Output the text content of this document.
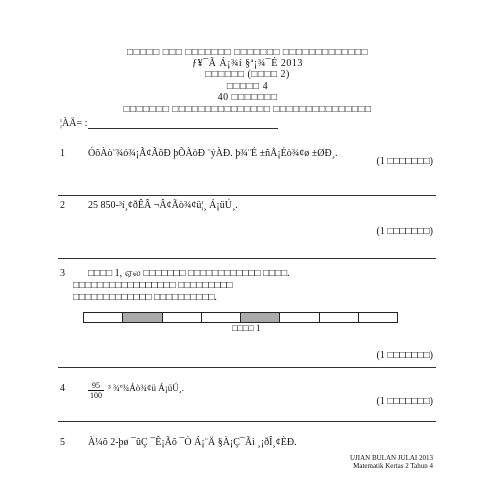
□□□□□ □□□ □□□□□□□ □□□□□□□ □□□□□□□□□□□□□
ƒ¥¯Ã Á¡¾í §ª¡¾¯É 2013
□□□□□□ (□□□□ 2)
□□□□□ 4
40 □□□□□□□
□□□□□□□ □□□□□□□□□□□□□□□ □□□□□□□□□□□□□□□
¦ÀÄ= :
1 ÓõÀò¨¾ó¾¡Ã¢ÃõÐ þÕÀòÐ ¨ýÀÐ. þ¾¨É ±ñÅ¡Éò¾¢ø ±ØÐ¸.
(1 □□□□□□□)
2 25 850-³í¸¢ðÊÂ ¬Â¢Ãò¾¢ü¦¸ Á¡üÚ¸.
(1 □□□□□□□)
3 □□□□ 1, ஏல □□□□□□□ □□□□□□□□□□□□ □□□□.
□□□□□□□□□□□□□□□□□ □□□□□□□□□
□□□□□□□□□□□□□ □□□□□□□□□□.
□□□□ 1
(1 □□□□□□□)
4	95
100
³ ¾º¾Áò¾¢ü Á¡üÚ¸.
(1 □□□□□□□)
5 À¼õ 2-þø ¯ûÇ ¯Ê¡Ãõ ¯Ò Á¡¨Ä §À¡Ç¯Ãì ¸¡ðÎ¸¢ÈÐ.
UJIAN BULAN JULAI 2013
Matematik Kertas 2 Tahun 4
